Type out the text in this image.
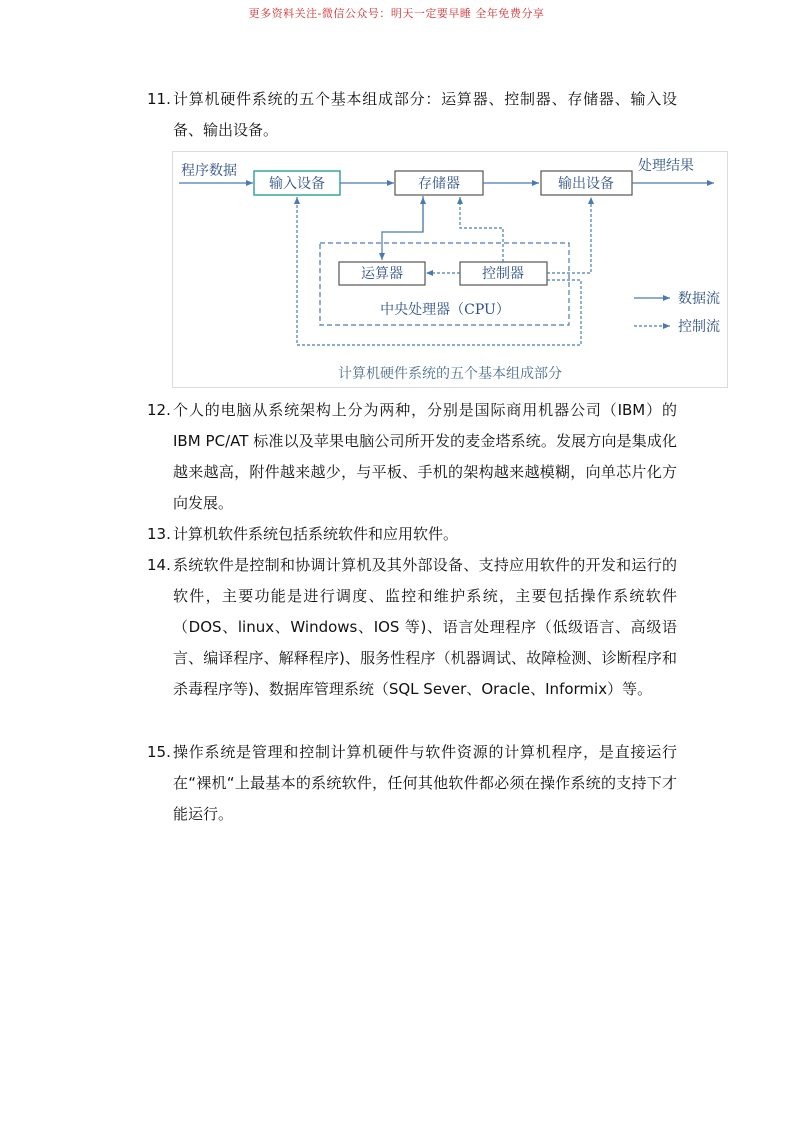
更多资料关注-微信公众号：明天一定要早睡 全年免费分享
11. 计算机硬件系统的五个基本组成部分：运算器、控制器、存储器、输入设备、输出设备。
程序数据
输入设备	存储器	输出设备
处理结果
运算器	控制器
中央处理器（CPU）
数据流
控制流
计算机硬件系统的五个基本组成部分
12. 个人的电脑从系统架构上分为两种，分别是国际商用机器公司（IBM）的 IBM PC/AT 标准以及苹果电脑公司所开发的麦金塔系统。发展方向是集成化越来越高，附件越来越少，与平板、手机的架构越来越模糊，向单芯片化方向发展。
13. 计算机软件系统包括系统软件和应用软件。
14. 系统软件是控制和协调计算机及其外部设备、支持应用软件的开发和运行的软件，主要功能是进行调度、监控和维护系统，主要包括操作系统软件（DOS、linux、Windows、IOS 等)、语言处理程序（低级语言、高级语言、编译程序、解释程序)、服务性程序（机器调试、故障检测、诊断程序和杀毒程序等)、数据库管理系统（SQL Sever、Oracle、Informix）等。
15. 操作系统是管理和控制计算机硬件与软件资源的计算机程序，是直接运行在“裸机“上最基本的系统软件，任何其他软件都必须在操作系统的支持下才能运行。
